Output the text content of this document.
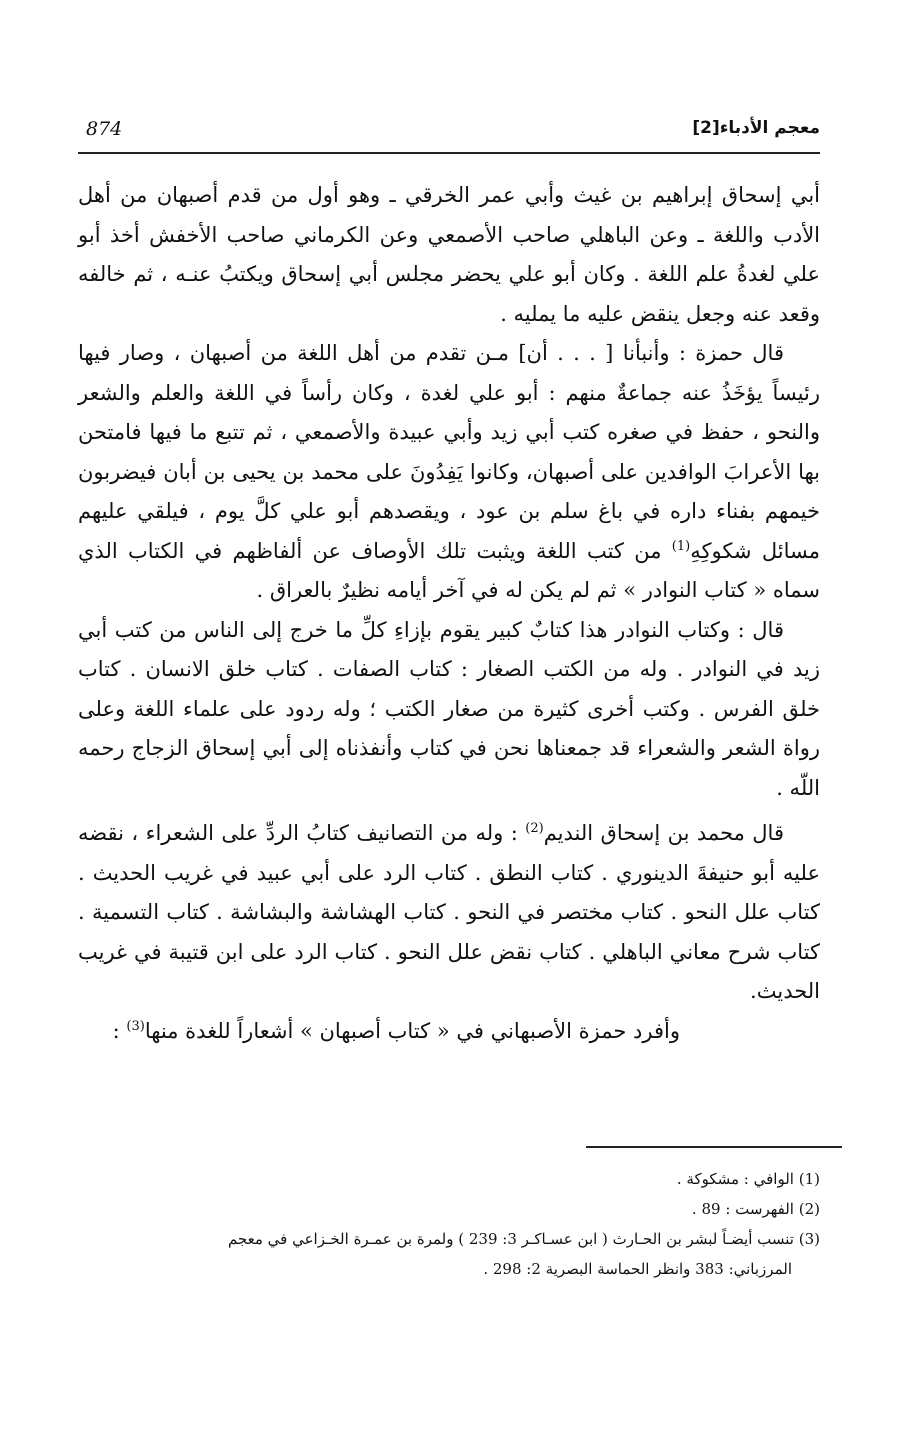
معجم الأدباء[2]
874

أبي إسحاق إبراهيم بن غيث وأبي عمر الخرقي ـ وهو أول من قدم أصبهان من أهل الأدب واللغة ـ وعن الباهلي صاحب الأصمعي وعن الكرماني صاحب الأخفش أخذ أبو علي لغدةُ علم اللغة . وكان أبو علي يحضر مجلس أبي إسحاق ويكتبُ عنـه ، ثم خالفه وقعد عنه وجعل ينقض عليه ما يمليه .

قال حمزة : وأنبأنا [ . . . أن] مـن تقدم من أهل اللغة من أصبهان ، وصار فيها رئيساً يؤخَذُ عنه جماعةٌ منهم : أبو علي لغدة ، وكان رأساً في اللغة والعلم والشعر والنحو ، حفظ في صغره كتب أبي زيد وأبي عبيدة والأصمعي ، ثم تتبع ما فيها فامتحن بها الأعرابَ الوافدين على أصبهان، وكانوا يَفِدُونَ على محمد بن يحيى بن أبان فيضربون خيمهم بفناء داره في باغ سلم بن عود ، ويقصدهم أبو علي كلَّ يوم ، فيلقي عليهم مسائل شكوكِهِ$^{(1)}$ من كتب اللغة ويثبت تلك الأوصاف عن ألفاظهم في الكتاب الذي سماه « كتاب النوادر » ثم لم يكن له في آخر أيامه نظيرٌ بالعراق .

قال : وكتاب النوادر هذا كتابٌ كبير يقوم بإزاءِ كلِّ ما خرج إلى الناس من كتب أبي زيد في النوادر . وله من الكتب الصغار : كتاب الصفات . كتاب خلق الانسان . كتاب خلق الفرس . وكتب أخرى كثيرة من صغار الكتب ؛ وله ردود على علماء اللغة وعلى رواة الشعر والشعراء قد جمعناها نحن في كتاب وأنفذناه إلى أبي إسحاق الزجاج رحمه اللّه .

قال محمد بن إسحاق النديم$^{(2)}$ : وله من التصانيف كتابُ الردِّ على الشعراء ، نقضه عليه أبو حنيفةَ الدينوري . كتاب النطق . كتاب الرد على أبي عبيد في غريب الحديث . كتاب علل النحو . كتاب مختصر في النحو . كتاب الهشاشة والبشاشة . كتاب التسمية . كتاب شرح معاني الباهلي . كتاب نقض علل النحو . كتاب الرد على ابن قتيبة في غريب الحديث.

وأفرد حمزة الأصبهاني في « كتاب أصبهان » أشعاراً للغدة منها$^{(3)}$ :

(1) الوافي : مشكوكة .

(2) الفهرست : 89 .

(3) تنسب أيضـاً لبشر بن الحـارث ( ابن عسـاكـر 3: 239 ) ولمرة بن عمـرة الخـزاعي في معجم

المرزباني: 383 وانظر الحماسة البصرية 2: 298 .
